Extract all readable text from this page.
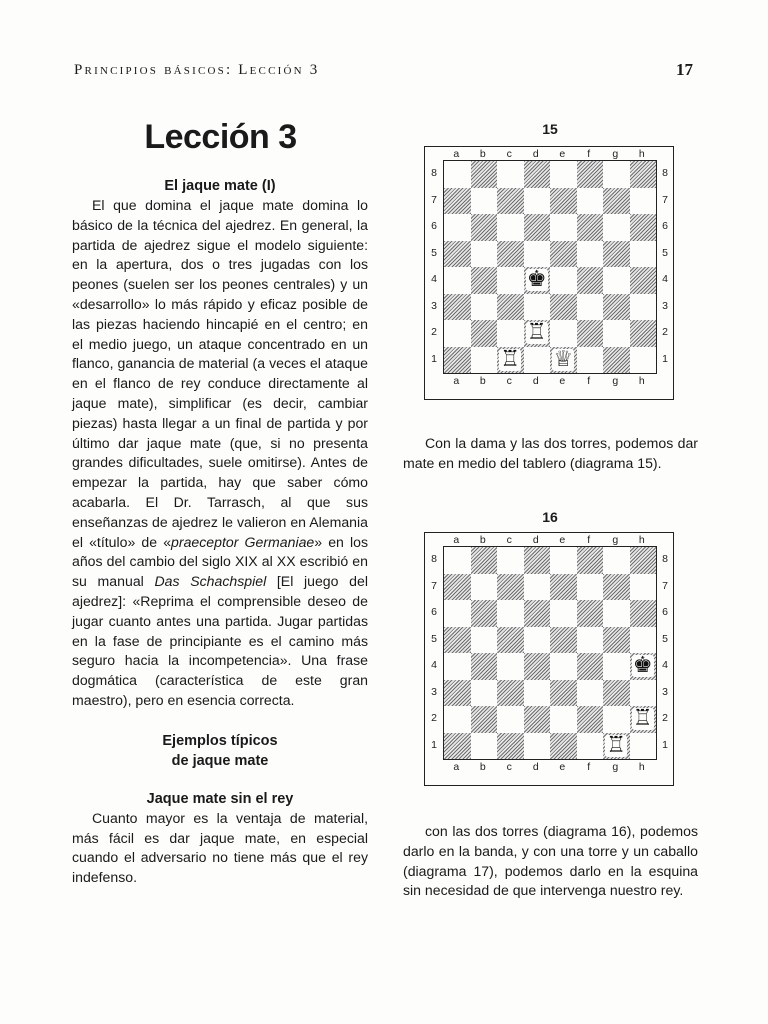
Principios básicos: Lección 3	17
Lección 3
El jaque mate (I)

El que domina el jaque mate domina lo básico de la técnica del ajedrez. En general, la partida de ajedrez sigue el modelo siguiente: en la apertura, dos o tres jugadas con los peones (suelen ser los peones centrales) y un «desarrollo» lo más rápido y eficaz posible de las piezas haciendo hincapié en el centro; en el medio juego, un ataque concentrado en un flanco, ganancia de material (a veces el ataque en el flanco de rey conduce directamente al jaque mate), simplificar (es decir, cambiar piezas) hasta llegar a un final de partida y por último dar jaque mate (que, si no presenta grandes dificultades, suele omitirse). Antes de empezar la partida, hay que saber cómo acabarla. El Dr. Tarrasch, al que sus enseñanzas de ajedrez le valieron en Alemania el «título» de «praeceptor Germaniae» en los años del cambio del siglo XIX al XX escribió en su manual Das Schachspiel [El juego del ajedrez]: «Reprima el comprensible deseo de jugar cuanto antes una partida. Jugar partidas en la fase de principiante es el camino más seguro hacia la incompetencia». Una frase dogmática (característica de este gran maestro), pero en esencia correcta.

Ejemplos típicos
de jaque mate
Jaque mate sin el rey

Cuanto mayor es la ventaja de material, más fácil es dar jaque mate, en especial cuando el adversario no tiene más que el rey indefenso.

15
♚
♖
♖ ♕
a
a
b
b
c
c
d
d
e
e
f
f
g
g
h
h
8	8
7	7
6	6
5	5
4	4
3	3
2	2
1	1

Con la dama y las dos torres, podemos dar mate en medio del tablero (diagrama 15).

16
♚
♖
♖
a
a
b
b
c
c
d
d
e
e
f
f
g
g
h
h
8	8
7	7
6	6
5	5
4	4
3	3
2	2
1	1

con las dos torres (diagrama 16), podemos darlo en la banda, y con una torre y un caballo (diagrama 17), podemos darlo en la esquina sin necesidad de que intervenga nuestro rey.
